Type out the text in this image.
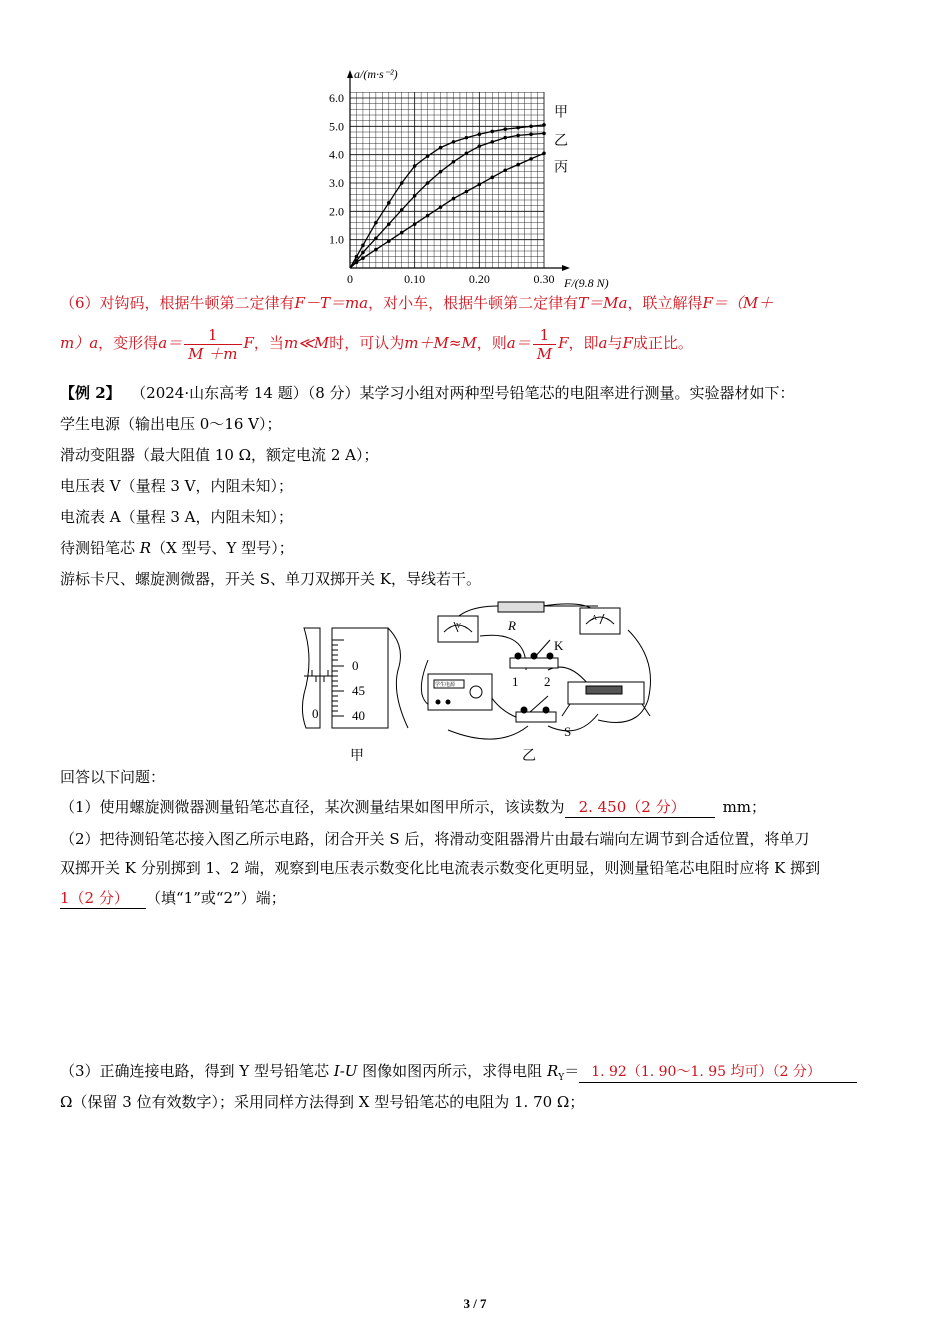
a/(m·s⁻²)
F/(9.8 N)
0
1.0
2.0
3.0
4.0
5.0
6.0
0.10	0.20	0.30
甲
乙
丙
（6）对钩码，根据牛顿第二定律有F－T＝ma，对小车，根据牛顿第二定律有T＝Ma，联立解得F＝（M＋
m）a，变形得$a= \frac{1}{M +m}$ F，当m≪M时，可认为m＋M≈M，则$a= \frac{1}{M}$ F，即a与F成正比。
【例 2】 （2024·山东高考 14 题）（8 分）某学习小组对两种型号铅笔芯的电阻率进行测量。实验器材如下：
学生电源（输出电压 0～16 V）；
滑动变阻器（最大阻值 10 Ω，额定电流 2 A）；
电压表 V（量程 3 V，内阻未知）；
电流表 A（量程 3 A，内阻未知）；
待测铅笔芯 R（X 型号、Y 型号）；
游标卡尺、螺旋测微器，开关 S、单刀双掷开关 K，导线若干。
0
45
40
0
甲
V	R	A
K
1 2
学生电源
S
乙
回答以下问题：
（1）使用螺旋测微器测量铅笔芯直径，某次测量结果如图甲所示，该读数为 2. 450（2 分） mm；
（2）把待测铅笔芯接入图乙所示电路，闭合开关 S 后，将滑动变阻器滑片由最右端向左调节到合适位置，将单刀
双掷开关 K 分别掷到 1、2 端，观察到电压表示数变化比电流表示数变化更明显，则测量铅笔芯电阻时应将 K 掷到
1（2 分） （填“1”或“2”）端；
（3）正确连接电路，得到 Y 型号铅笔芯 I-U 图像如图丙所示，求得电阻 $R_Y= 1$. 92（1. 90～1. 95 均可）（2 分）
Ω（保留 3 位有效数字）；采用同样方法得到 X 型号铅笔芯的电阻为 1. 70 Ω；
3 / 7
